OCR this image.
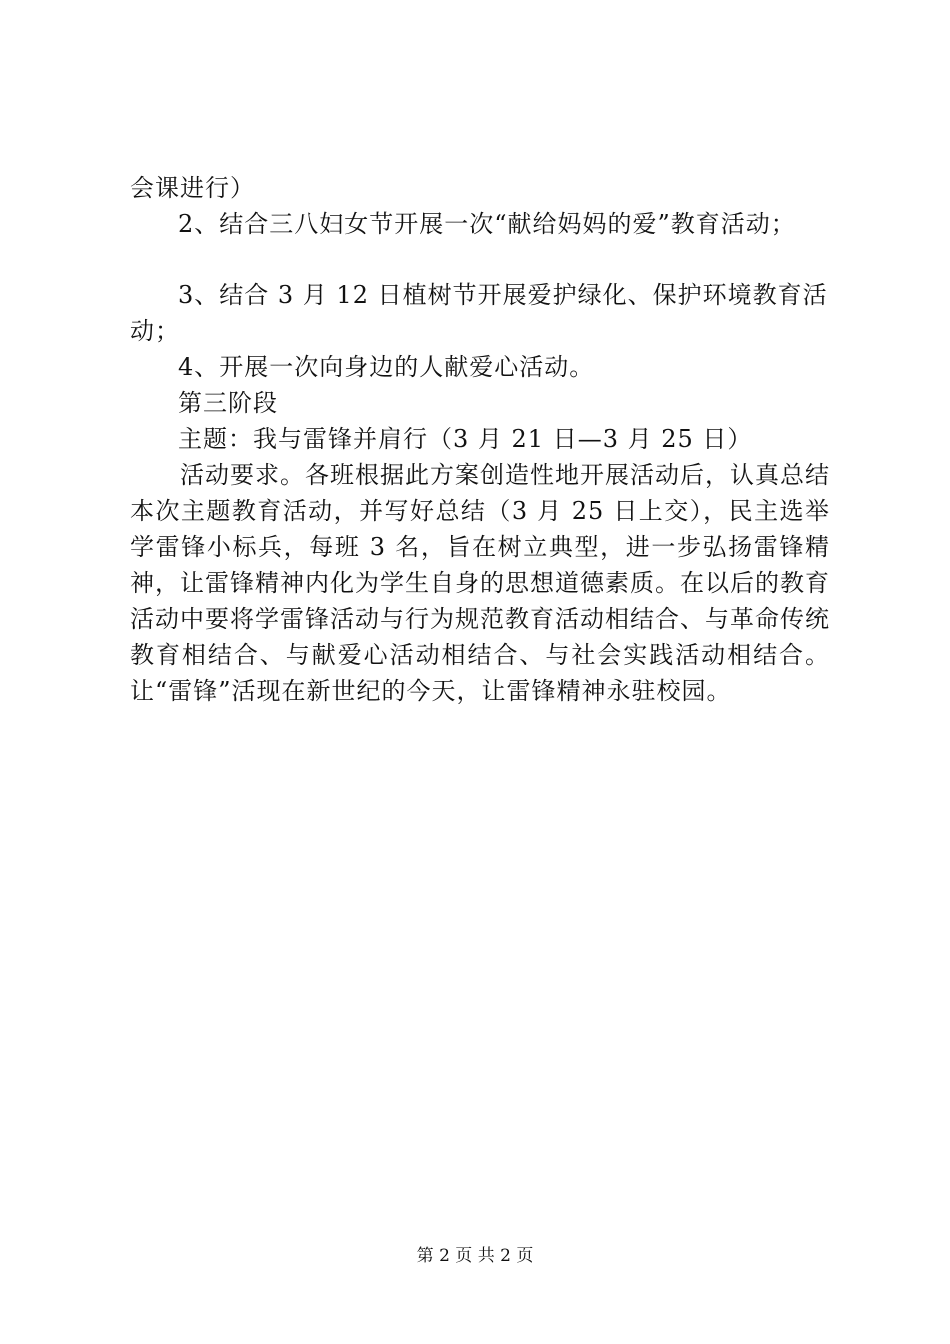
会课进行）

2、结合三八妇女节开展一次“献给妈妈的爱”教育活动；

3、结合 3 月 12 日植树节开展爱护绿化、保护环境教育活

动；

4、开展一次向身边的人献爱心活动。

第三阶段

主题：我与雷锋并肩行（3 月 21 日—3 月 25 日）

活动要求。各班根据此方案创造性地开展活动后，认真总结本次主题教育活动，并写好总结（3 月 25 日上交），民主选举学雷锋小标兵，每班 3 名，旨在树立典型，进一步弘扬雷锋精神，让雷锋精神内化为学生自身的思想道德素质。在以后的教育活动中要将学雷锋活动与行为规范教育活动相结合、与革命传统教育相结合、与献爱心活动相结合、与社会实践活动相结合。让“雷锋”活现在新世纪的今天，让雷锋精神永驻校园。

第 2 页 共 2 页
